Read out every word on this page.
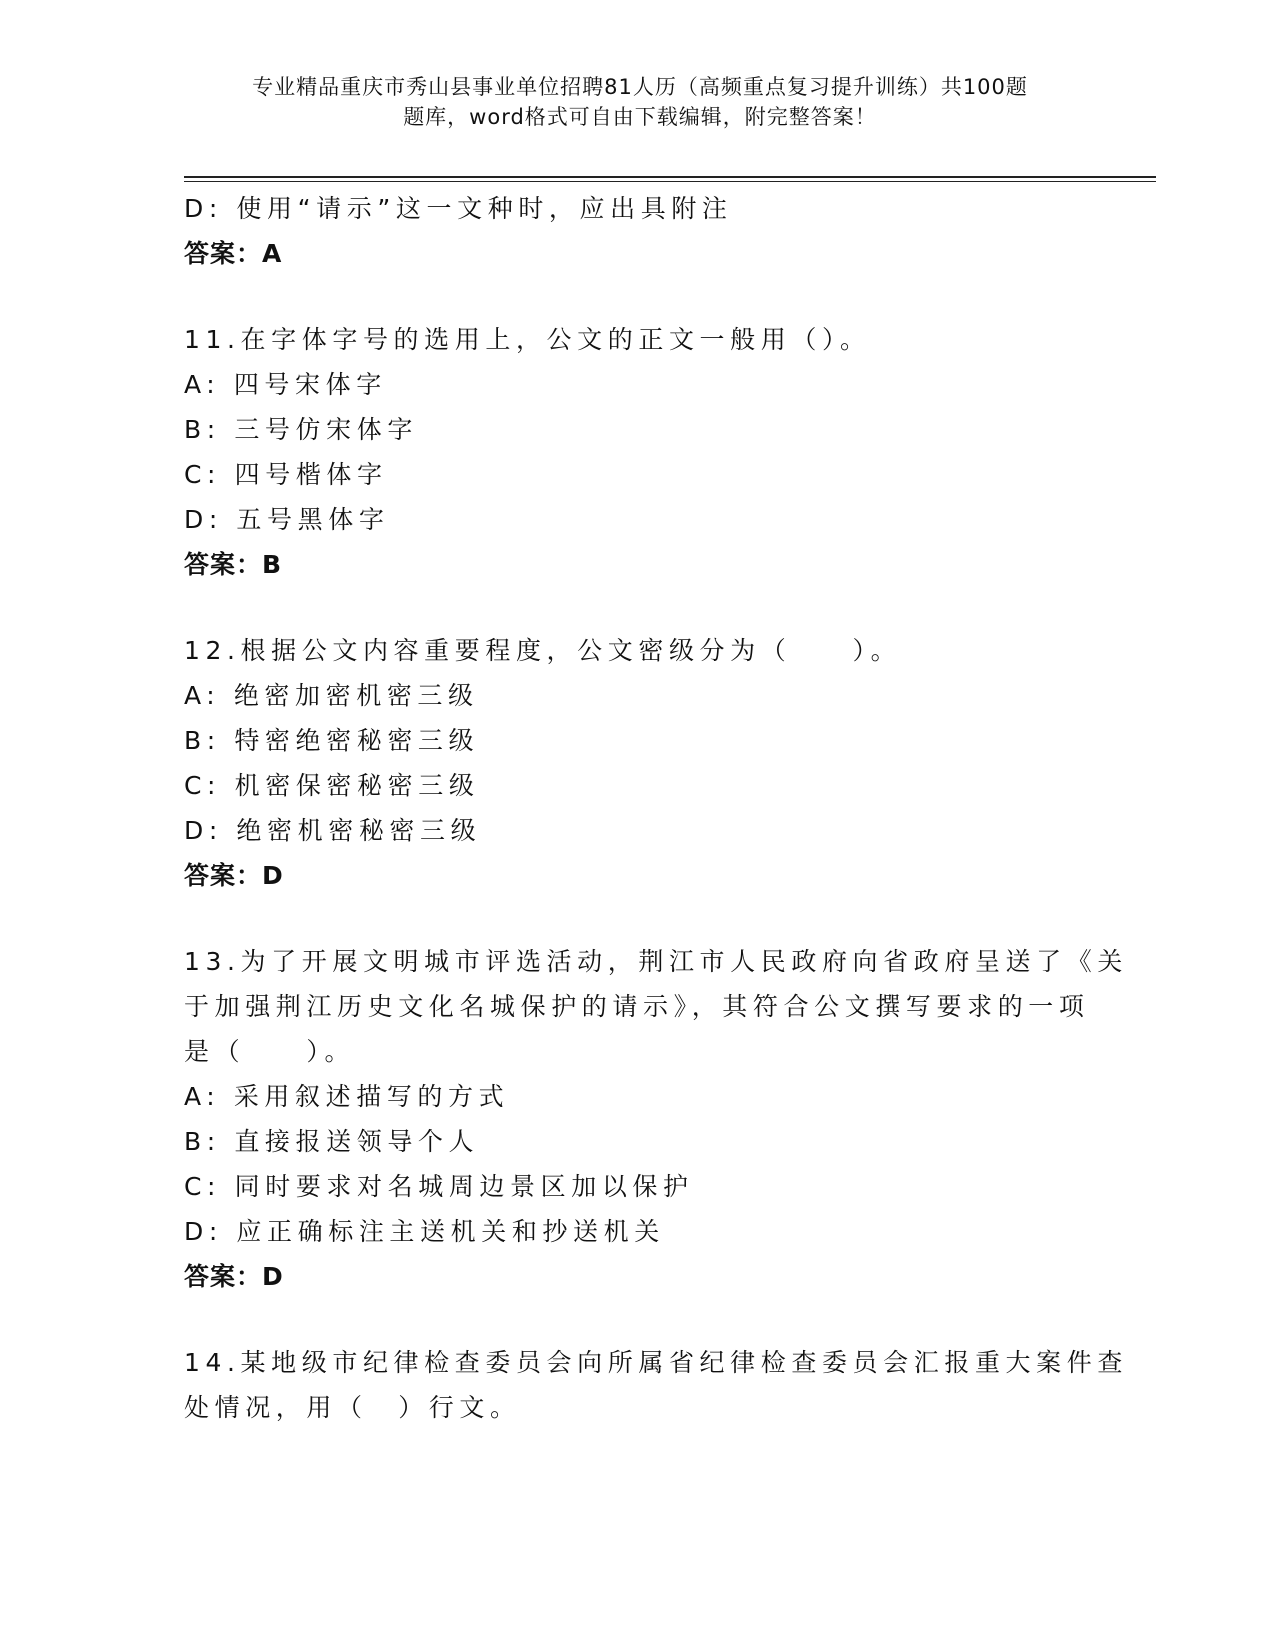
专业精品重庆市秀山县事业单位招聘81人历（高频重点复习提升训练）共100题
题库，word格式可自由下载编辑，附完整答案！
D: 使用“请示”这一文种时，应出具附注
答案：A
11.在字体字号的选用上，公文的正文一般用（）。
A: 四号宋体字
B: 三号仿宋体字
C: 四号楷体字
D: 五号黑体字
答案：B
12.根据公文内容重要程度，公文密级分为（　　）。
A: 绝密加密机密三级
B: 特密绝密秘密三级
C: 机密保密秘密三级
D: 绝密机密秘密三级
答案：D
13.为了开展文明城市评选活动，荆江市人民政府向省政府呈送了《关
于加强荆江历史文化名城保护的请示》，其符合公文撰写要求的一项
是（　　）。
A: 采用叙述描写的方式
B: 直接报送领导个人
C: 同时要求对名城周边景区加以保护
D: 应正确标注主送机关和抄送机关
答案：D
14.某地级市纪律检查委员会向所属省纪律检查委员会汇报重大案件查
处情况，用（　）行文。
